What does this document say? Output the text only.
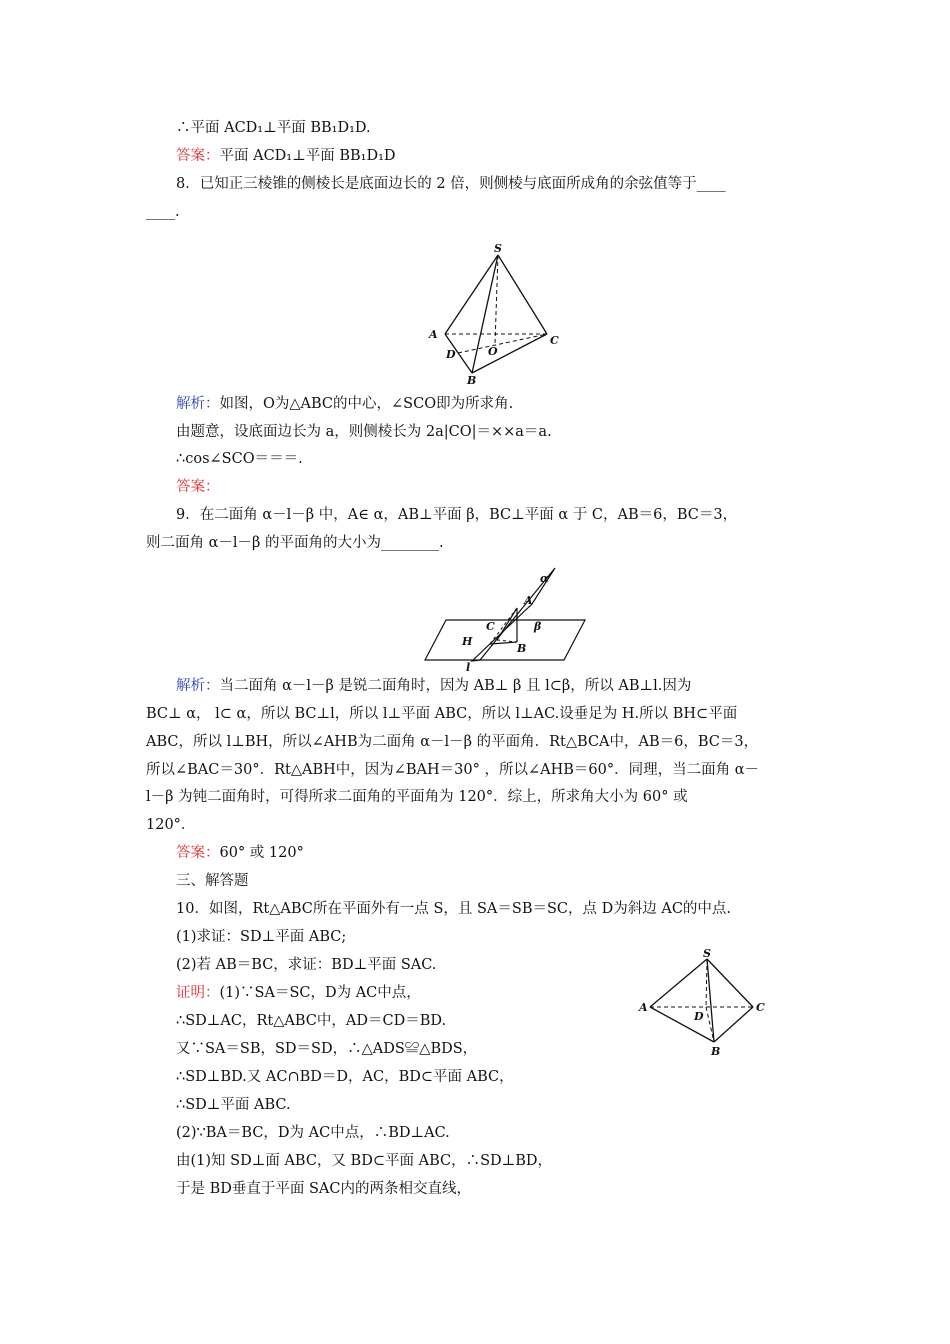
∴平面 ACD₁⊥平面 BB₁D₁D.
答案：平面 ACD₁⊥平面 BB₁D₁D
8．已知正三棱锥的侧棱长是底面边长的 2 倍，则侧棱与底面所成角的余弦值等于____
____.
解析：如图，O为△ABC的中心，∠SCO即为所求角.
由题意，设底面边长为 a，则侧棱长为 2a|CO|＝××a＝a.
∴cos∠SCO＝＝＝.
答案：
9．在二面角 α－l－β 中，A∈ α，AB⊥平面 β，BC⊥平面 α 于 C，AB＝6，BC＝3，
则二面角 α－l－β 的平面角的大小为________.
解析：当二面角 α－l－β 是锐二面角时，因为 AB⊥ β 且 l⊂β，所以 AB⊥l.因为
BC⊥ α， l⊂ α，所以 BC⊥l，所以 l⊥平面 ABC，所以 l⊥AC.设垂足为 H.所以 BH⊂平面
ABC，所以 l⊥BH，所以∠AHB为二面角 α－l－β 的平面角．Rt△BCA中，AB＝6，BC＝3，
所以∠BAC＝30°．Rt△ABH中，因为∠BAH＝30° ，所以∠AHB＝60°．同理，当二面角 α－
l－β 为钝二面角时，可得所求二面角的平面角为 120°．综上，所求角大小为 60° 或
120°．
答案：60° 或 120°
三、解答题
10．如图，Rt△ABC所在平面外有一点 S，且 SA＝SB＝SC，点 D为斜边 AC的中点.
(1)求证：SD⊥平面 ABC;
(2)若 AB＝BC，求证：BD⊥平面 SAC.
证明：(1)∵SA＝SC，D为 AC中点，
∴SD⊥AC，Rt△ABC中，AD＝CD＝BD.
又∵SA＝SB，SD＝SD，∴△ADS≌△BDS，
∴SD⊥BD.又 AC∩BD＝D，AC，BD⊂平面 ABC，
∴SD⊥平面 ABC.
(2)∵BA＝BC，D为 AC中点，∴BD⊥AC.
由(1)知 SD⊥面 ABC，又 BD⊂平面 ABC，∴SD⊥BD，
于是 BD垂直于平面 SAC内的两条相交直线，
S
A	C
D	O
B
α
A
β
C
H
B
l
S
A	C
D
B
